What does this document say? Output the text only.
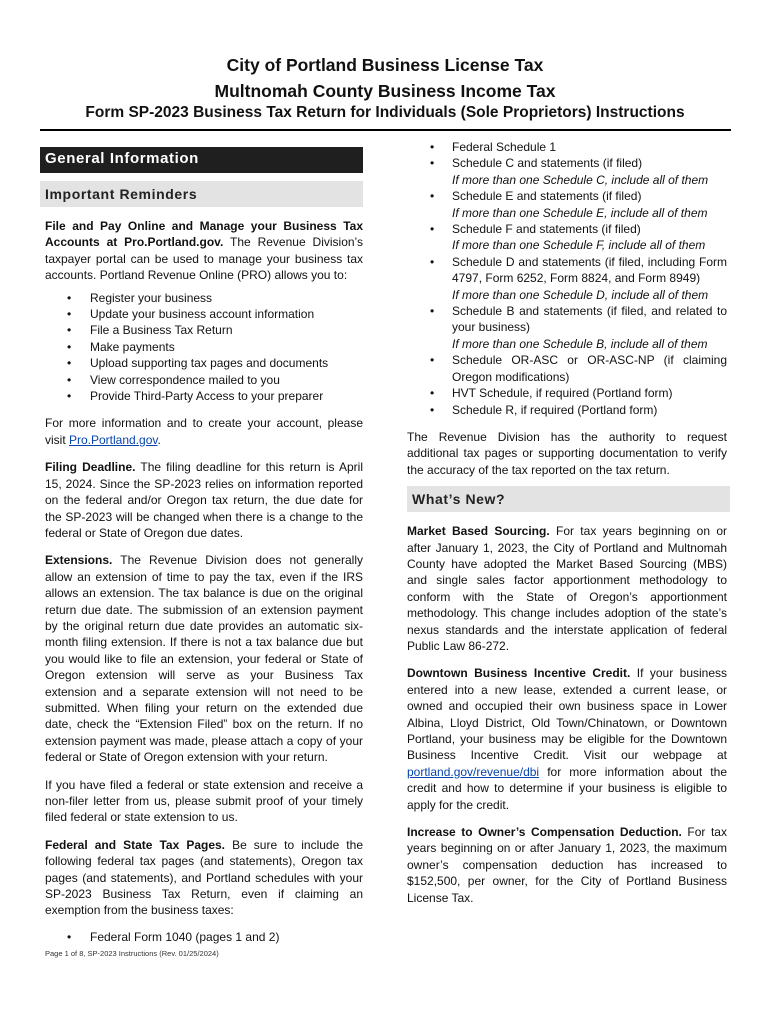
City of Portland Business License Tax
Multnomah County Business Income Tax
Form SP-2023 Business Tax Return for Individuals (Sole Proprietors) Instructions
General Information
Important Reminders

File and Pay Online and Manage your Business Tax Accounts at Pro.Portland.gov. The Revenue Division’s taxpayer portal can be used to manage your business tax accounts. Portland Revenue Online (PRO) allows you to:

• Register your business
• Update your business account information
• File a Business Tax Return
• Make payments
• Upload supporting tax pages and documents
• View correspondence mailed to you
• Provide Third-Party Access to your preparer

For more information and to create your account, please visit Pro.Portland.gov.

Filing Deadline. The filing deadline for this return is April 15, 2024. Since the SP-2023 relies on information reported on the federal and/or Oregon tax return, the due date for the SP-2023 will be changed when there is a change to the federal or State of Oregon due dates.

Extensions. The Revenue Division does not generally allow an extension of time to pay the tax, even if the IRS allows an extension. The tax balance is due on the original return due date. The submission of an extension payment by the original return due date provides an automatic six-month filing extension. If there is not a tax balance due but you would like to file an extension, your federal or State of Oregon extension will serve as your Business Tax extension and a separate extension will not need to be submitted. When filing your return on the extended due date, check the “Extension Filed” box on the return. If no extension payment was made, please attach a copy of your federal or State of Oregon extension with your return.

If you have filed a federal or state extension and receive a non-filer letter from us, please submit proof of your timely filed federal or state extension to us.

Federal and State Tax Pages. Be sure to include the following federal tax pages (and statements), Oregon tax pages (and statements), and Portland schedules with your SP-2023 Business Tax Return, even if claiming an exemption from the business taxes:

• Federal Form 1040 (pages 1 and 2)
• Federal Schedule 1
• Schedule C and statements (if filed)
If more than one Schedule C, include all of them
• Schedule E and statements (if filed)
If more than one Schedule E, include all of them
• Schedule F and statements (if filed)
If more than one Schedule F, include all of them
• Schedule D and statements (if filed, including Form 4797, Form 6252, Form 8824, and Form 8949)
If more than one Schedule D, include all of them
• Schedule B and statements (if filed, and related to your business)
If more than one Schedule B, include all of them
• Schedule OR-ASC or OR-ASC-NP (if claiming Oregon modifications)
• HVT Schedule, if required (Portland form)
• Schedule R, if required (Portland form)

The Revenue Division has the authority to request additional tax pages or supporting documentation to verify the accuracy of the tax reported on the tax return.

What’s New?

Market Based Sourcing. For tax years beginning on or after January 1, 2023, the City of Portland and Multnomah County have adopted the Market Based Sourcing (MBS) and single sales factor apportionment methodology to conform with the State of Oregon’s apportionment methodology. This change includes adoption of the state’s nexus standards and the interstate application of federal Public Law 86-272.

Downtown Business Incentive Credit. If your business entered into a new lease, extended a current lease, or owned and occupied their own business space in Lower Albina, Lloyd District, Old Town/Chinatown, or Downtown Portland, your business may be eligible for the Downtown Business Incentive Credit. Visit our webpage at portland.gov/revenue/dbi for more information about the credit and how to determine if your business is eligible to apply for the credit.

Increase to Owner’s Compensation Deduction. For tax years beginning on or after January 1, 2023, the maximum owner’s compensation deduction has increased to $152,500, per owner, for the City of Portland Business License Tax.

Page 1 of 8, SP-2023 Instructions (Rev. 01/25/2024)
